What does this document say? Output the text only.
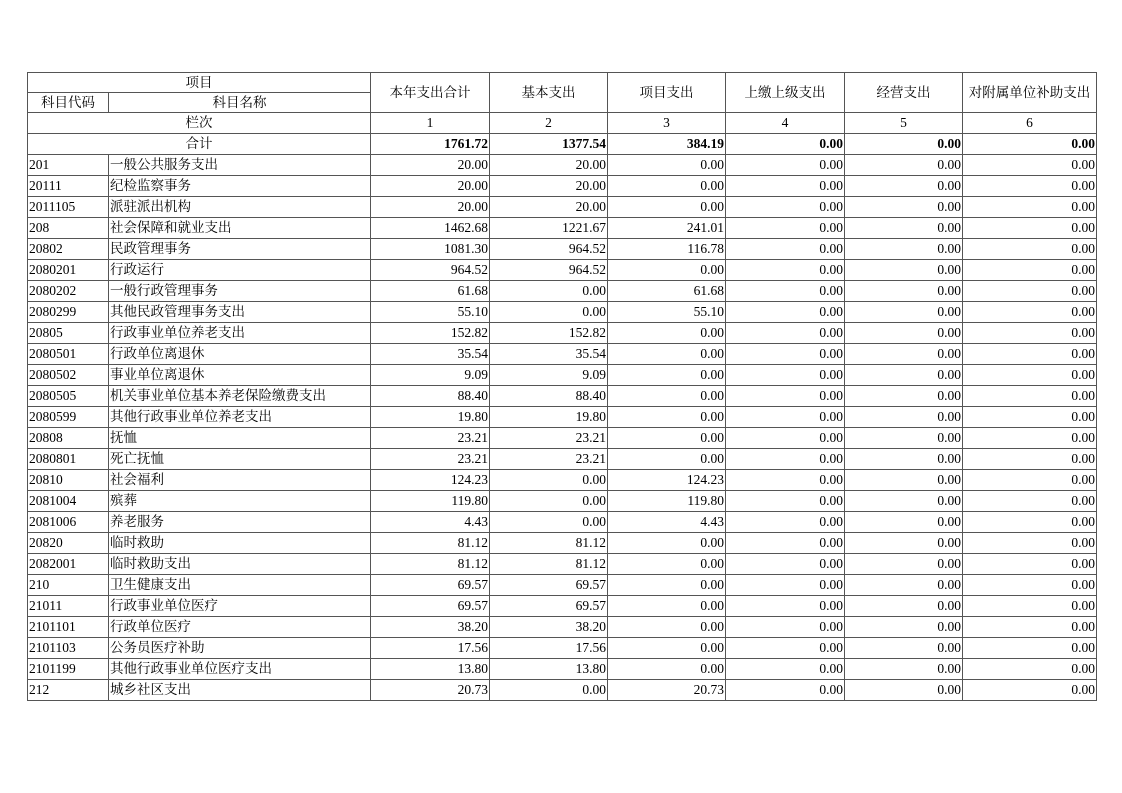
项目		本年支出合计	基本支出	项目支出	上缴上级支出	经营支出	对附属单位补助支出
科目代码	科目名称						
栏次		1	2	3	4	5	6
合计		1761.72	1377.54	384.19	0.00	0.00	0.00
201	一般公共服务支出	20.00	20.00	0.00	0.00	0.00	0.00
20111	纪检监察事务	20.00	20.00	0.00	0.00	0.00	0.00
2011105	派驻派出机构	20.00	20.00	0.00	0.00	0.00	0.00
208	社会保障和就业支出	1462.68	1221.67	241.01	0.00	0.00	0.00
20802	民政管理事务	1081.30	964.52	116.78	0.00	0.00	0.00
2080201	行政运行	964.52	964.52	0.00	0.00	0.00	0.00
2080202	一般行政管理事务	61.68	0.00	61.68	0.00	0.00	0.00
2080299	其他民政管理事务支出	55.10	0.00	55.10	0.00	0.00	0.00
20805	行政事业单位养老支出	152.82	152.82	0.00	0.00	0.00	0.00
2080501	行政单位离退休	35.54	35.54	0.00	0.00	0.00	0.00
2080502	事业单位离退休	9.09	9.09	0.00	0.00	0.00	0.00
2080505	机关事业单位基本养老保险缴费支出	88.40	88.40	0.00	0.00	0.00	0.00
2080599	其他行政事业单位养老支出	19.80	19.80	0.00	0.00	0.00	0.00
20808	抚恤	23.21	23.21	0.00	0.00	0.00	0.00
2080801	死亡抚恤	23.21	23.21	0.00	0.00	0.00	0.00
20810	社会福利	124.23	0.00	124.23	0.00	0.00	0.00
2081004	殡葬	119.80	0.00	119.80	0.00	0.00	0.00
2081006	养老服务	4.43	0.00	4.43	0.00	0.00	0.00
20820	临时救助	81.12	81.12	0.00	0.00	0.00	0.00
2082001	临时救助支出	81.12	81.12	0.00	0.00	0.00	0.00
210	卫生健康支出	69.57	69.57	0.00	0.00	0.00	0.00
21011	行政事业单位医疗	69.57	69.57	0.00	0.00	0.00	0.00
2101101	行政单位医疗	38.20	38.20	0.00	0.00	0.00	0.00
2101103	公务员医疗补助	17.56	17.56	0.00	0.00	0.00	0.00
2101199	其他行政事业单位医疗支出	13.80	13.80	0.00	0.00	0.00	0.00
212	城乡社区支出	20.73	0.00	20.73	0.00	0.00	0.00
